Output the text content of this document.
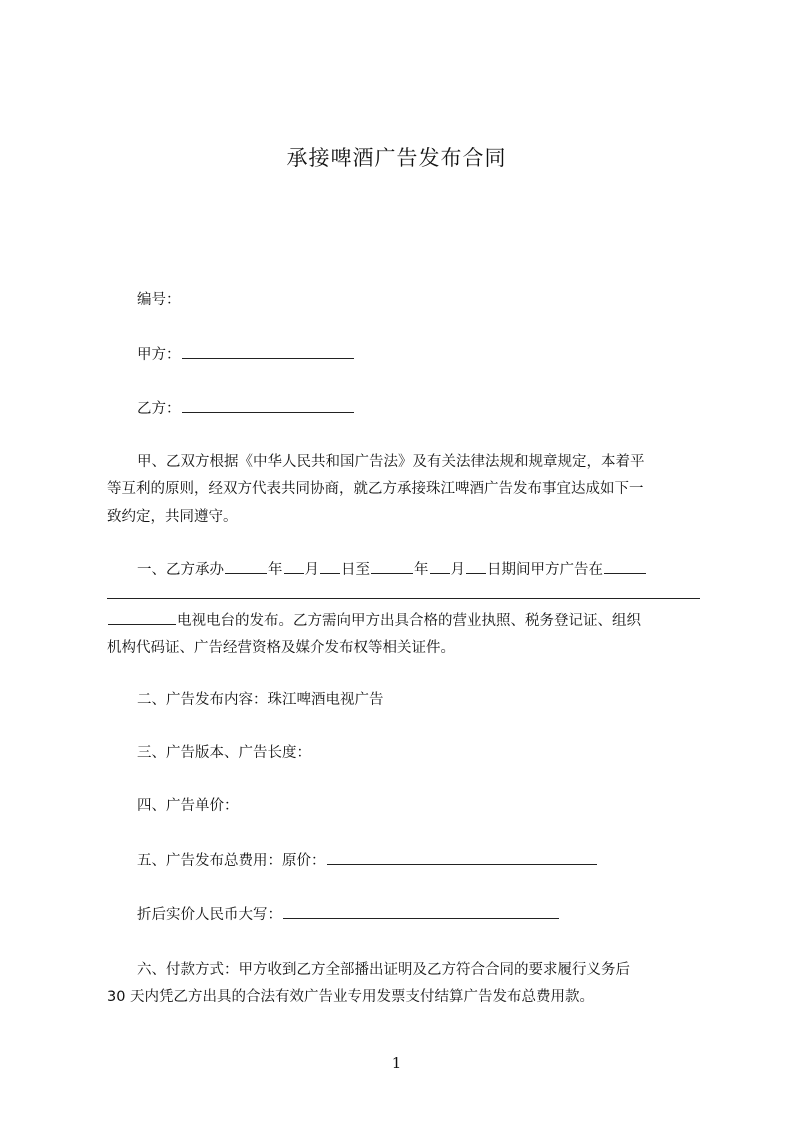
承接啤酒广告发布合同
编号：
甲方：
乙方：
甲、乙双方根据《中华人民共和国广告法》及有关法律法规和规章规定，本着平
等互利的原则，经双方代表共同协商，就乙方承接珠江啤酒广告发布事宜达成如下一
致约定，共同遵守。
一、乙方承办	年 月 日至	年 月 日期间甲方广告在
电视电台的发布。乙方需向甲方出具合格的营业执照、税务登记证、组织
机构代码证、广告经营资格及媒介发布权等相关证件。
二、广告发布内容：珠江啤酒电视广告
三、广告版本、广告长度：
四、广告单价：
五、广告发布总费用：原价：
折后实价人民币大写：
六、付款方式：甲方收到乙方全部播出证明及乙方符合合同的要求履行义务后
30 天内凭乙方出具的合法有效广告业专用发票支付结算广告发布总费用款。
1
